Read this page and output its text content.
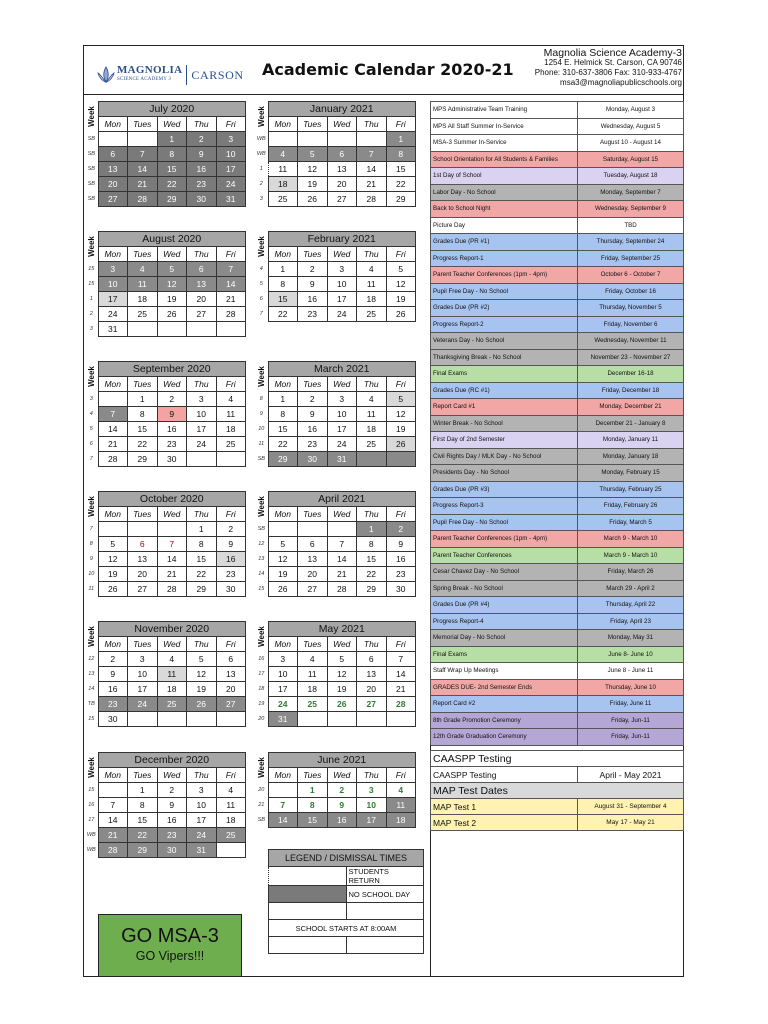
MAGNOLIA
SCIENCE ACADEMY 3	CARSON Academic Calendar 2020-21
Magnolia Science Academy-3
1254 E. Helmick St. Carson, CA 90746
Phone: 310-637-3806 Fax: 310-933-4767
msa3@magnoliapublicschools.org
	July 2020				
	Mon	Tues	Wed	Thu	Fri
SB			1	2	3
SB	6	7	8	9	10
SB	13	14	15	16	17
SB	20	21	22	23	24
SB	27	28	29	30	31
Week
		January 2021				
	Mon	Tues	Wed	Thu	Fri
WB					1
WB	4	5	6	7	8
1	11	12	13	14	15
2	18	19	20	21	22
3	25	26	27	28	29
Week
	August 2020				
	Mon	Tues	Wed	Thu	Fri
15	3	4	5	6	7
15	10	11	12	13	14
1	17	18	19	20	21
2	24	25	26	27	28
3	31				
Week
		February 2021				
	Mon	Tues	Wed	Thu	Fri
4	1	2	3	4	5
5	8	9	10	11	12
6	15	16	17	18	19
7	22	23	24	25	26
Week
	September 2020				
	Mon	Tues	Wed	Thu	Fri
3		1	2	3	4
4	7	8	9	10	11
5	14	15	16	17	18
6	21	22	23	24	25
7	28	29	30		
Week
		March 2021				
	Mon	Tues	Wed	Thu	Fri
8	1	2	3	4	5
9	8	9	10	11	12
10	15	16	17	18	19
11	22	23	24	25	26
SB	29	30	31		
Week
	October 2020				
	Mon	Tues	Wed	Thu	Fri
7				1	2
8	5	6	7	8	9
9	12	13	14	15	16
10	19	20	21	22	23
11	26	27	28	29	30
Week
		April 2021				
	Mon	Tues	Wed	Thu	Fri
SB				1	2
12	5	6	7	8	9
13	12	13	14	15	16
14	19	20	21	22	23
15	26	27	28	29	30
Week
	November 2020				
	Mon	Tues	Wed	Thu	Fri
12	2	3	4	5	6
13	9	10	11	12	13
14	16	17	18	19	20
TB	23	24	25	26	27
15	30				
Week
		May 2021				
	Mon	Tues	Wed	Thu	Fri
16	3	4	5	6	7
17	10	11	12	13	14
18	17	18	19	20	21
19	24	25	26	27	28
20	31				
Week
	December 2020				
	Mon	Tues	Wed	Thu	Fri
15		1	2	3	4
16	7	8	9	10	11
17	14	15	16	17	18
WB	21	22	23	24	25
WB	28	29	30	31	
Week
		June 2021				
	Mon	Tues	Wed	Thu	Fri
20		1	2	3	4
21	7	8	9	10	11
SB	14	15	16	17	18
Week
MPS Administrative Team Training	Monday, August 3
MPS All Staff Summer In-Service	Wednesday, August 5
MSA-3 Summer In-Service	August 10 - August 14
School Orientation for All Students & Families	Saturday, August 15
1st Day of School	Tuesday, August 18
Labor Day - No School	Monday, September 7
Back to School Night	Wednesday, September 9
Picture Day	TBD
Grades Due (PR #1)	Thursday, September 24
Progress Report-1	Friday, September 25
Parent Teacher Conferences (1pm - 4pm)	October 6 - October 7
Pupil Free Day - No School	Friday, October 16
Grades Due (PR #2)	Thursday, November 5
Progress Report-2	Friday, November 6
Veterans Day - No School	Wednesday, November 11
Thanksgiving Break - No School	November 23 - November 27
Final Exams	December 16-18
Grades Due (RC #1)	Friday, December 18
Report Card #1	Monday, December 21
Winter Break - No School	December 21 - January 8
First Day of 2nd Semester	Monday, January 11
Civil Rights Day / MLK Day - No School	Monday, January 18
Presidents Day - No School	Monday, February 15
Grades Due (PR #3)	Thursday, February 25
Progress Report-3	Friday, February 26
Pupil Free Day - No School	Friday, March 5
Parent Teacher Conferences (1pm - 4pm)	March 9 - March 10
Parent Teacher Conferences	March 9 - March 10
Cesar Chavez Day - No School	Friday, March 26
Spring Break - No School	March 29 - April 2
Grades Due (PR #4)	Thursday, April 22
Progress Report-4	Friday, April 23
Memorial Day - No School	Monday, May 31
Final Exams	June 8- June 10
Staff Wrap Up Meetings	June 8 - June 11
GRADES DUE- 2nd Semester Ends	Thursday, June 10
Report Card #2	Friday, June 11
8th Grade Promotion Ceremony	Friday, Jun-11
12th Grade Graduation Ceremony	Friday, Jun-11
CAASPP Testing	
CAASPP Testing	April - May 2021
MAP Test Dates	
MAP Test 1	August 31 - September 4
MAP Test 2	May 17 - May 21
LEGEND / DISMISSAL TIMES	
	STUDENTS RETURN
	NO SCHOOL DAY

SCHOOL STARTS AT 8:00AM	

GO MSA-3
GO Vipers!!!
